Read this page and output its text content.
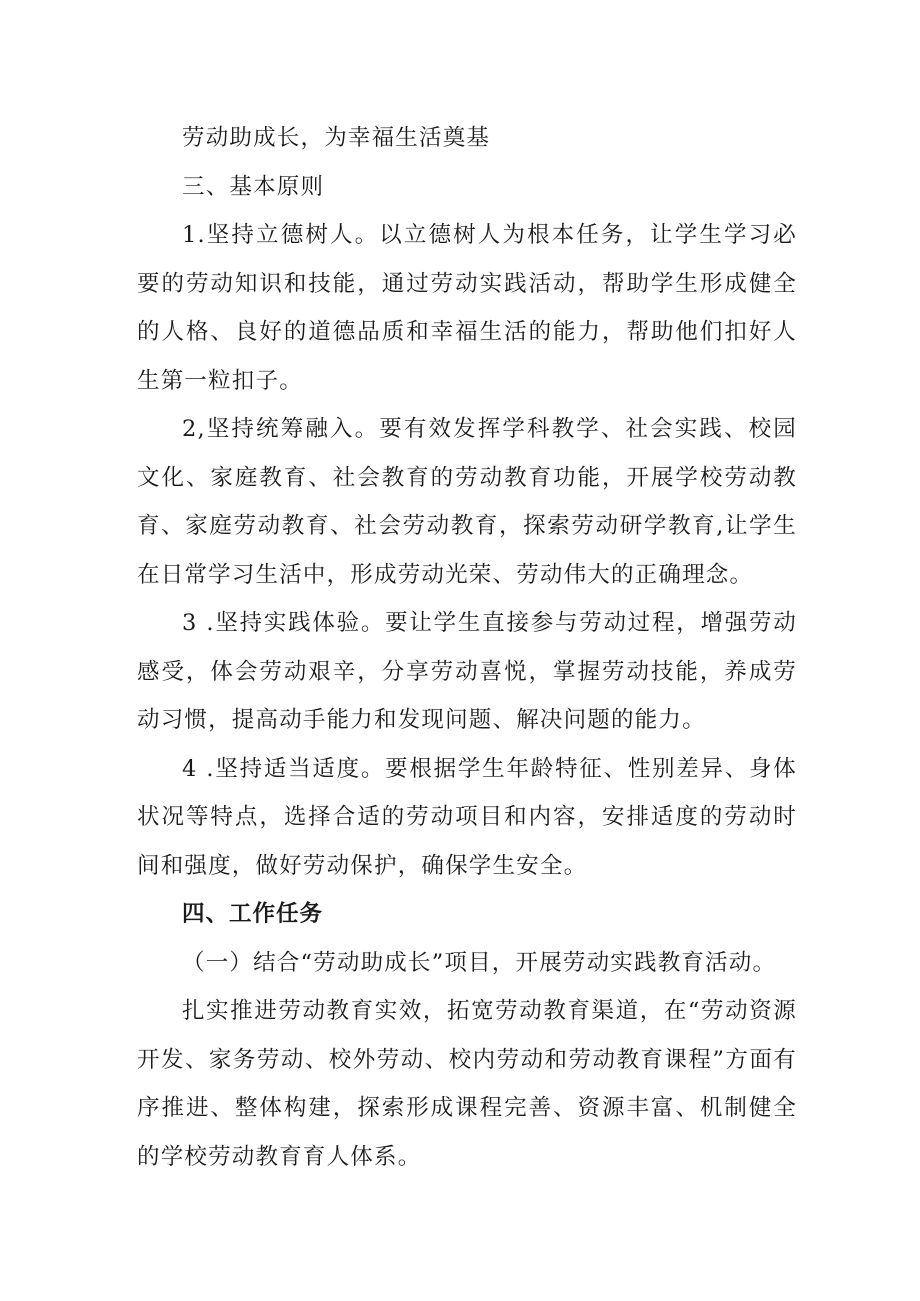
劳动助成长，为幸福生活奠基

三、基本原则

1.坚持立德树人。以立德树人为根本任务，让学生学习必要的劳动知识和技能，通过劳动实践活动，帮助学生形成健全的人格、良好的道德品质和幸福生活的能力，帮助他们扣好人生第一粒扣子。

2,坚持统筹融入。要有效发挥学科教学、社会实践、校园文化、家庭教育、社会教育的劳动教育功能，开展学校劳动教育、家庭劳动教育、社会劳动教育，探索劳动研学教育,让学生在日常学习生活中，形成劳动光荣、劳动伟大的正确理念。

3 .坚持实践体验。要让学生直接参与劳动过程，增强劳动感受，体会劳动艰辛，分享劳动喜悦，掌握劳动技能，养成劳动习惯，提高动手能力和发现问题、解决问题的能力。

4 .坚持适当适度。要根据学生年龄特征、性别差异、身体状况等特点，选择合适的劳动项目和内容，安排适度的劳动时间和强度，做好劳动保护，确保学生安全。

四、工作任务

（一）结合“劳动助成长”项目，开展劳动实践教育活动。

扎实推进劳动教育实效，拓宽劳动教育渠道，在“劳动资源开发、家务劳动、校外劳动、校内劳动和劳动教育课程”方面有序推进、整体构建，探索形成课程完善、资源丰富、机制健全的学校劳动教育育人体系。
